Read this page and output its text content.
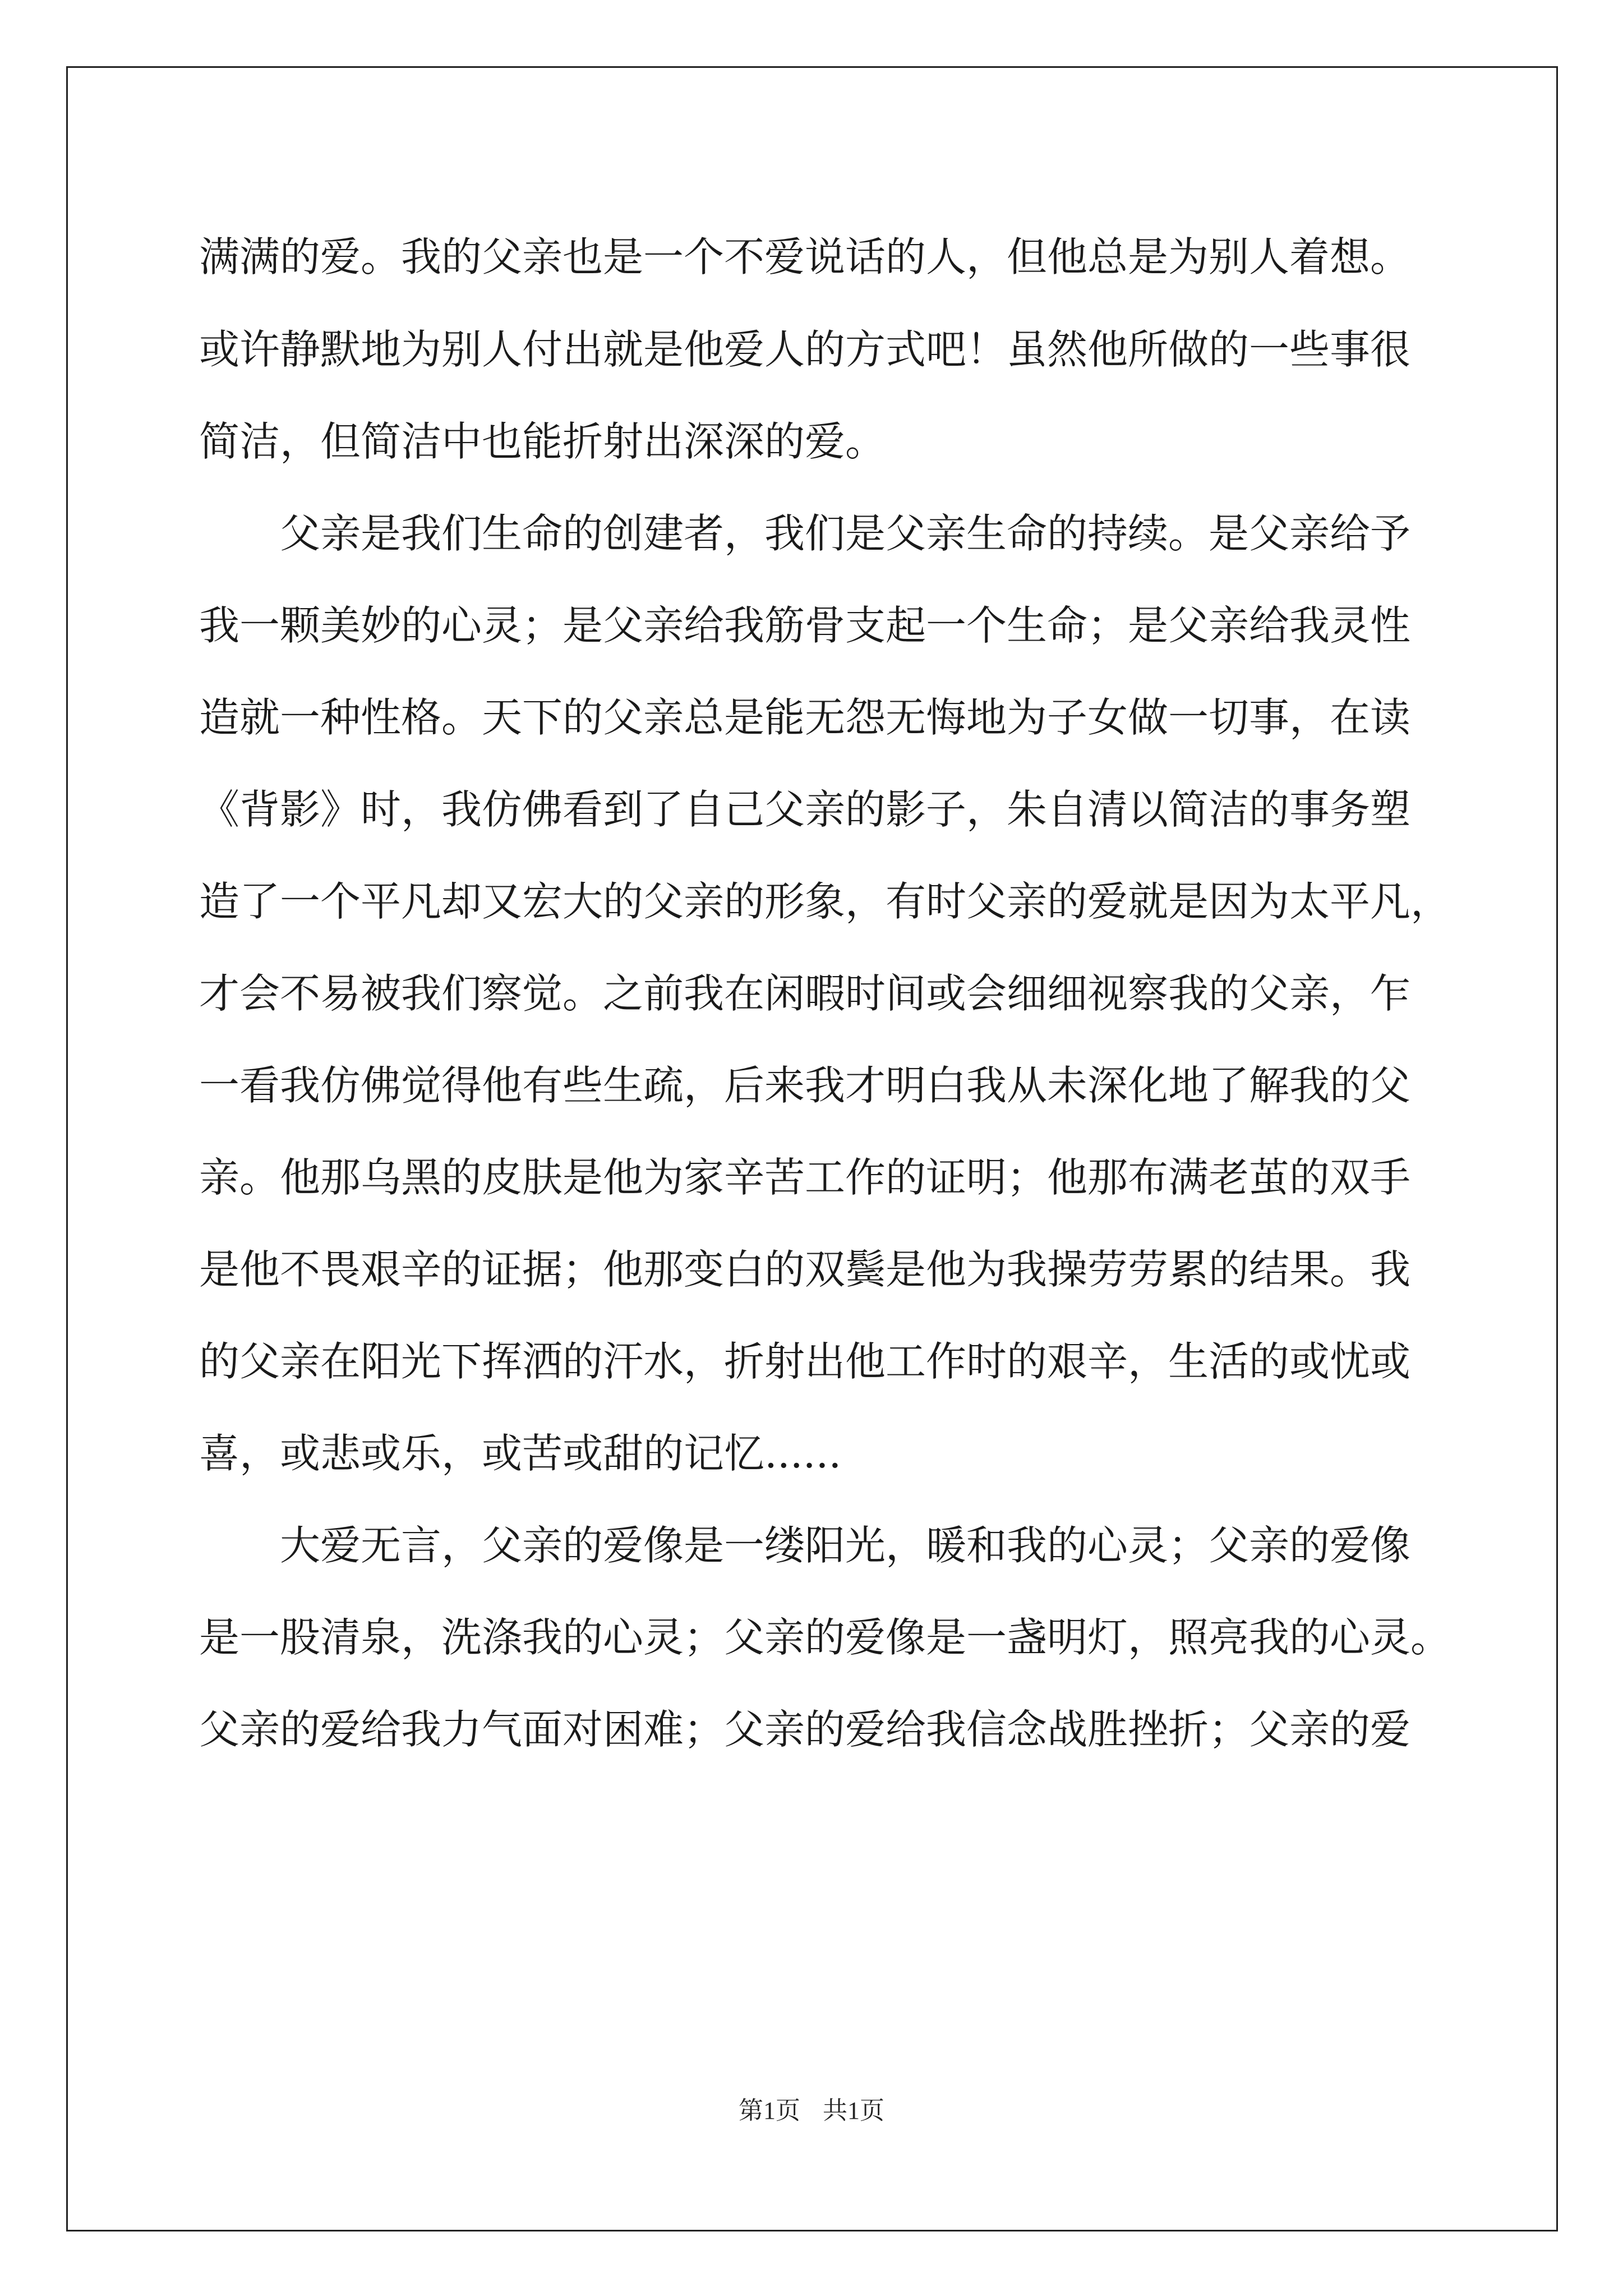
满满的爱。我的父亲也是一个不爱说话的人，但他总是为别人着想。
或许静默地为别人付出就是他爱人的方式吧！虽然他所做的一些事很
简洁，但简洁中也能折射出深深的爱。
　　父亲是我们生命的创建者，我们是父亲生命的持续。是父亲给予
我一颗美妙的心灵；是父亲给我筋骨支起一个生命；是父亲给我灵性
造就一种性格。天下的父亲总是能无怨无悔地为子女做一切事，在读
《背影》时，我仿佛看到了自己父亲的影子，朱自清以简洁的事务塑
造了一个平凡却又宏大的父亲的形象，有时父亲的爱就是因为太平凡，
才会不易被我们察觉。之前我在闲暇时间或会细细视察我的父亲，乍
一看我仿佛觉得他有些生疏，后来我才明白我从未深化地了解我的父
亲。他那乌黑的皮肤是他为家辛苦工作的证明；他那布满老茧的双手
是他不畏艰辛的证据；他那变白的双鬓是他为我操劳劳累的结果。我
的父亲在阳光下挥洒的汗水，折射出他工作时的艰辛，生活的或忧或
喜，或悲或乐，或苦或甜的记忆......
　　大爱无言，父亲的爱像是一缕阳光，暖和我的心灵；父亲的爱像
是一股清泉，洗涤我的心灵；父亲的爱像是一盏明灯，照亮我的心灵。
父亲的爱给我力气面对困难；父亲的爱给我信念战胜挫折；父亲的爱
第1页 共1页
